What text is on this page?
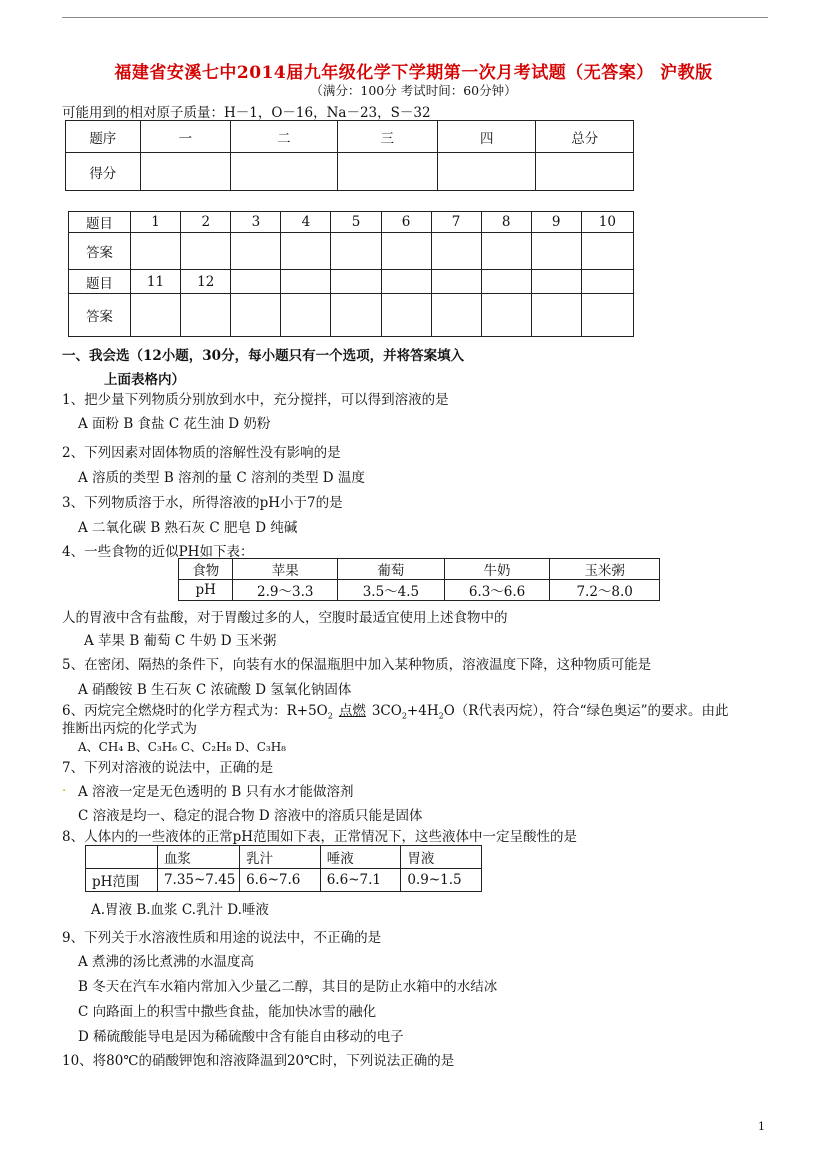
福建省安溪七中2014届九年级化学下学期第一次月考试题（无答案） 沪教版
（满分：100分 考试时间：60分钟）
可能用到的相对原子质量：H－1，O－16，Na－23，S－32
题序	一	二	三	四	总分
得分					
题目	1	2	3	4	5	6	7	8	9	10
答案										
题目	11	12								
答案										
一、我会选（12小题，30分，每小题只有一个选项，并将答案填入
上面表格内）
1、把少量下列物质分别放到水中，充分搅拌，可以得到溶液的是
A 面粉 B 食盐 C 花生油 D 奶粉
2、下列因素对固体物质的溶解性没有影响的是
A 溶质的类型 B 溶剂的量 C 溶剂的类型 D 温度
3、下列物质溶于水，所得溶液的pH小于7的是
A 二氧化碳 B 熟石灰 C 肥皂 D 纯碱
4、一些食物的近似PH如下表：
食物	苹果	葡萄	牛奶	玉米粥
pH	2.9～3.3	3.5～4.5	6.3～6.6	7.2～8.0
人的胃液中含有盐酸，对于胃酸过多的人，空腹时最适宜使用上述食物中的
A 苹果 B 葡萄 C 牛奶 D 玉米粥
5、在密闭、隔热的条件下，向装有水的保温瓶胆中加入某种物质，溶液温度下降，这种物质可能是
A 硝酸铵 B 生石灰 C 浓硫酸 D 氢氧化钠固体
6、丙烷完全燃烧时的化学方程式为：$R+5O_2$ 点燃 $3CO_2+4H_2O(R$代表丙烷），符合“绿色奥运”的要求。由此
推断出丙烷的化学式为
A、CH₄ B、C₃H₆ C、C₂H₈ D、C₃H₈
7、下列对溶液的说法中，正确的是
. A 溶液一定是无色透明的 B 只有水才能做溶剂
C 溶液是均一、稳定的混合物 D 溶液中的溶质只能是固体
8、人体内的一些液体的正常pH范围如下表，正常情况下，这些液体中一定呈酸性的是
	血浆	乳汁	唾液	胃液
pH范围	7.35~7.45	6.6~7.6	6.6~7.1	0.9~1.5
A.胃液 B.血浆 C.乳汁 D.唾液
9、下列关于水溶液性质和用途的说法中，不正确的是
A 煮沸的汤比煮沸的水温度高
B 冬天在汽车水箱内常加入少量乙二醇，其目的是防止水箱中的水结冰
C 向路面上的积雪中撒些食盐，能加快冰雪的融化
D 稀硫酸能导电是因为稀硫酸中含有能自由移动的电子
10、将80℃的硝酸钾饱和溶液降温到20℃时，下列说法正确的是
1
